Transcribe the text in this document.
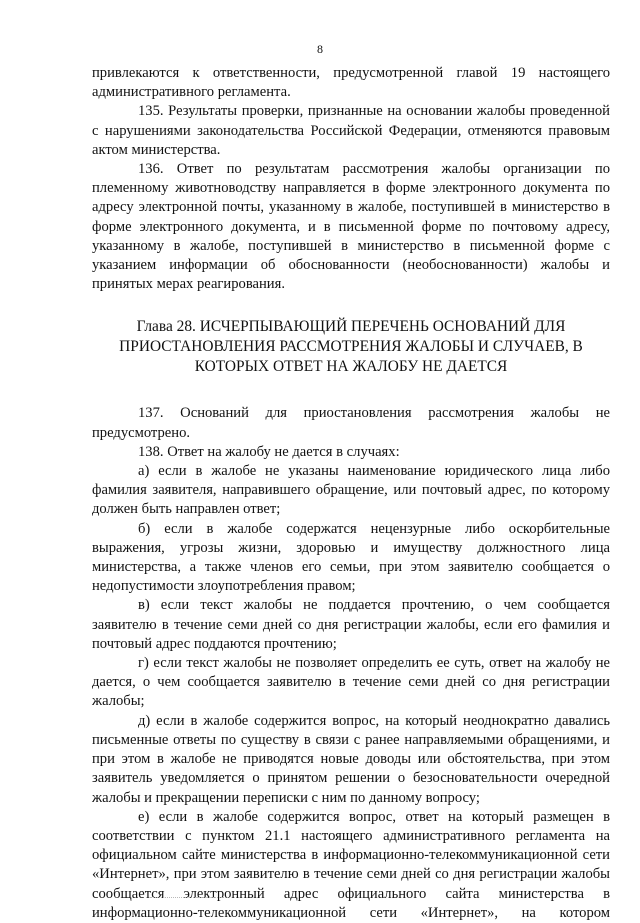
8

привлекаются к ответственности, предусмотренной главой 19 настоящего административного регламента.

135. Результаты проверки, признанные на основании жалобы проведенной с нарушениями законодательства Российской Федерации, отменяются правовым актом министерства.

136. Ответ по результатам рассмотрения жалобы организации по племенному животноводству направляется в форме электронного документа по адресу электронной почты, указанному в жалобе, поступившей в министерство в форме электронного документа, и в письменной форме по почтовому адресу, указанному в жалобе, поступившей в министерство в письменной форме с указанием информации об обоснованности (необоснованности) жалобы и принятых мерах реагирования.

Глава 28. ИСЧЕРПЫВАЮЩИЙ ПЕРЕЧЕНЬ ОСНОВАНИЙ ДЛЯ ПРИОСТАНОВЛЕНИЯ РАССМОТРЕНИЯ ЖАЛОБЫ И СЛУЧАЕВ, В КОТОРЫХ ОТВЕТ НА ЖАЛОБУ НЕ ДАЕТСЯ

137. Оснований для приостановления рассмотрения жалобы не предусмотрено.

138. Ответ на жалобу не дается в случаях:

а) если в жалобе не указаны наименование юридического лица либо фамилия заявителя, направившего обращение, или почтовый адрес, по которому должен быть направлен ответ;

б) если в жалобе содержатся нецензурные либо оскорбительные выражения, угрозы жизни, здоровью и имуществу должностного лица министерства, а также членов его семьи, при этом заявителю сообщается о недопустимости злоупотребления правом;

в) если текст жалобы не поддается прочтению, о чем сообщается заявителю в течение семи дней со дня регистрации жалобы, если его фамилия и почтовый адрес поддаются прочтению;

г) если текст жалобы не позволяет определить ее суть, ответ на жалобу не дается, о чем сообщается заявителю в течение семи дней со дня регистрации жалобы;

д) если в жалобе содержится вопрос, на который неоднократно давались письменные ответы по существу в связи с ранее направляемыми обращениями, и при этом в жалобе не приводятся новые доводы или обстоятельства, при этом заявитель уведомляется о принятом решении о безосновательности очередной жалобы и прекращении переписки с ним по данному вопросу;

е) если в жалобе содержится вопрос, ответ на который размещен в соответствии с пунктом 21.1 настоящего административного регламента на официальном сайте министерства в информационно-телекоммуникационной сети «Интернет», при этом заявителю в течение семи дней со дня регистрации жалобы сообщается электронный адрес официального сайта министерства в информационно-телекоммуникационной сети «Интернет», на котором
